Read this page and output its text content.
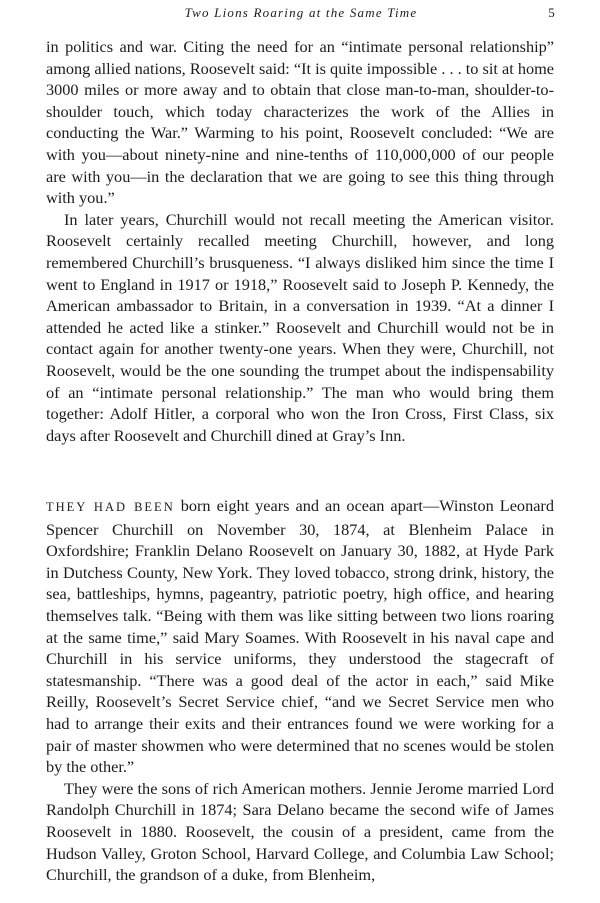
Two Lions Roaring at the Same Time	5

in politics and war. Citing the need for an “intimate personal relationship” among allied nations, Roosevelt said: “It is quite impossible . . . to sit at home 3000 miles or more away and to obtain that close man-to-man, shoulder-to-shoulder touch, which today characterizes the work of the Allies in conducting the War.” Warming to his point, Roosevelt concluded: “We are with you—about ninety-nine and nine-tenths of 110,000,000 of our people are with you—in the declaration that we are going to see this thing through with you.”

In later years, Churchill would not recall meeting the American visitor. Roosevelt certainly recalled meeting Churchill, however, and long remembered Churchill’s brusqueness. “I always disliked him since the time I went to England in 1917 or 1918,” Roosevelt said to Joseph P. Kennedy, the American ambassador to Britain, in a conversation in 1939. “At a dinner I attended he acted like a stinker.” Roosevelt and Churchill would not be in contact again for another twenty-one years. When they were, Churchill, not Roosevelt, would be the one sounding the trumpet about the indispensability of an “intimate personal relationship.” The man who would bring them together: Adolf Hitler, a corporal who won the Iron Cross, First Class, six days after Roosevelt and Churchill dined at Gray’s Inn.

THEY HAD BEEN born eight years and an ocean apart—Winston Leonard Spencer Churchill on November 30, 1874, at Blenheim Palace in Oxfordshire; Franklin Delano Roosevelt on January 30, 1882, at Hyde Park in Dutchess County, New York. They loved tobacco, strong drink, history, the sea, battleships, hymns, pageantry, patriotic poetry, high office, and hearing themselves talk. “Being with them was like sitting between two lions roaring at the same time,” said Mary Soames. With Roosevelt in his naval cape and Churchill in his service uniforms, they understood the stagecraft of statesmanship. “There was a good deal of the actor in each,” said Mike Reilly, Roosevelt’s Secret Service chief, “and we Secret Service men who had to arrange their exits and their entrances found we were working for a pair of master showmen who were determined that no scenes would be stolen by the other.”

They were the sons of rich American mothers. Jennie Jerome married Lord Randolph Churchill in 1874; Sara Delano became the second wife of James Roosevelt in 1880. Roosevelt, the cousin of a president, came from the Hudson Valley, Groton School, Harvard College, and Columbia Law School; Churchill, the grandson of a duke, from Blenheim,
